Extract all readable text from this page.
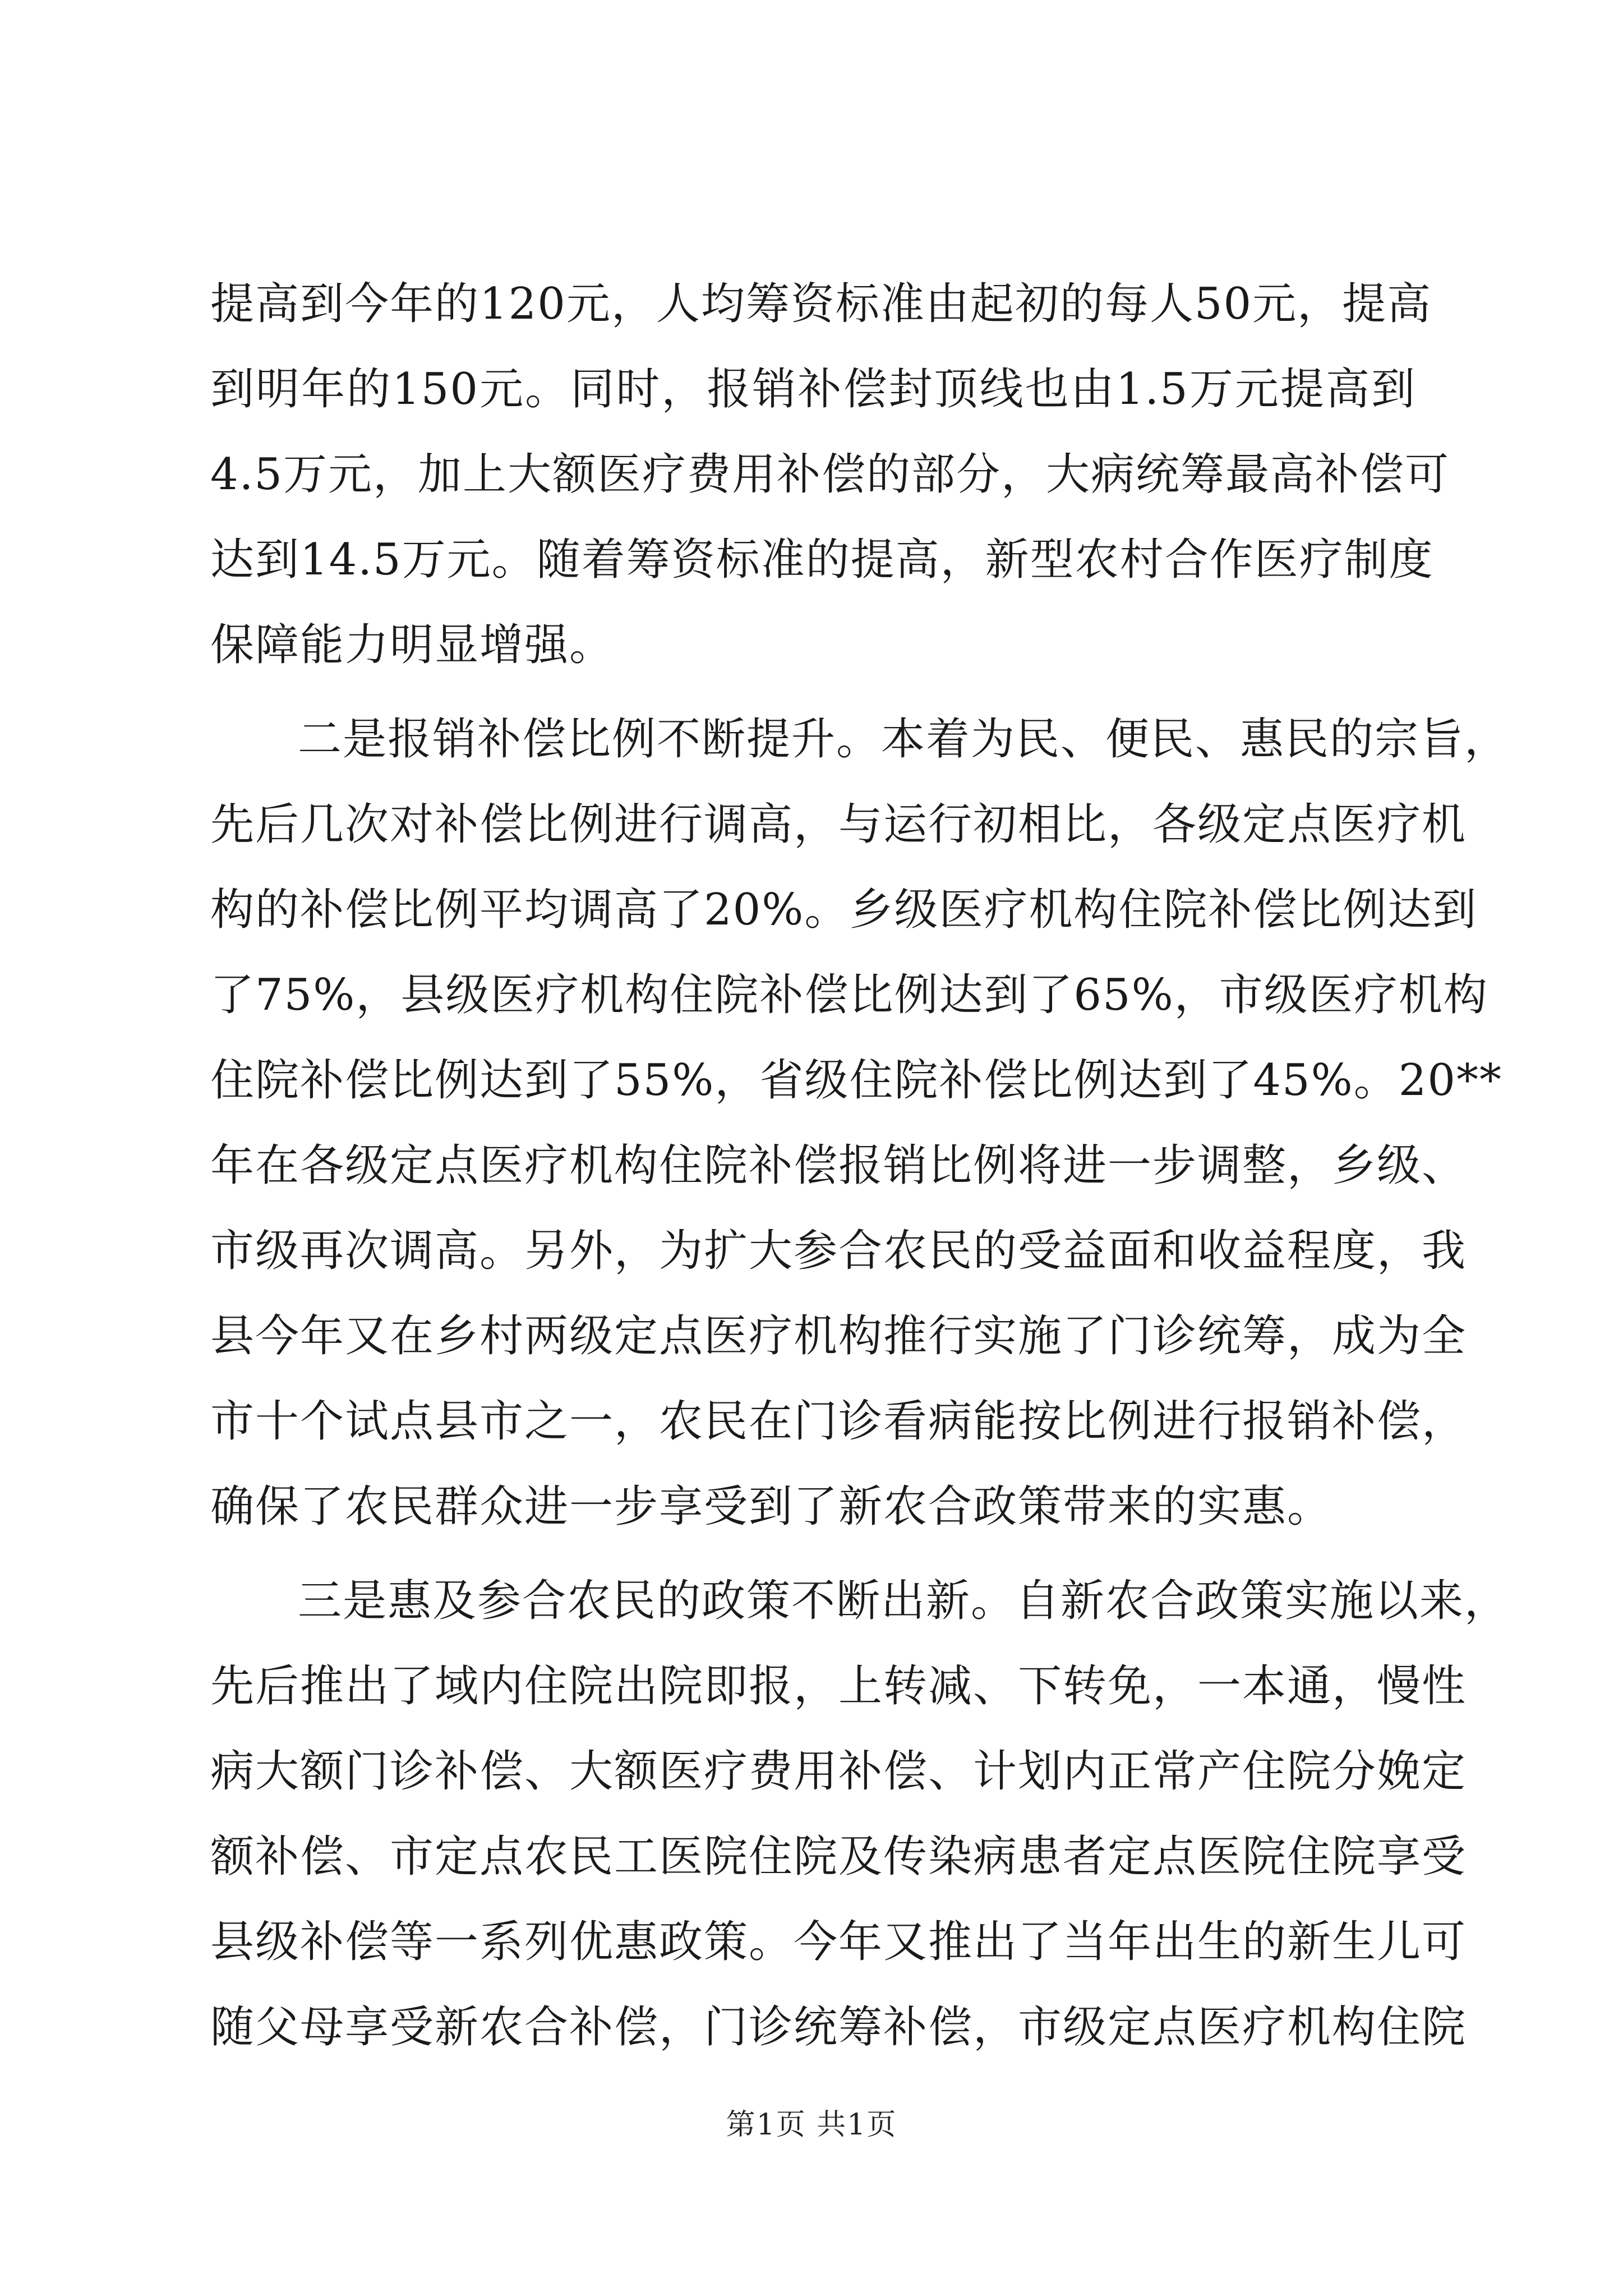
提高到今年的120元，人均筹资标准由起初的每人50元，提高
到明年的150元。同时，报销补偿封顶线也由1.5万元提高到
4.5万元，加上大额医疗费用补偿的部分，大病统筹最高补偿可
达到14.5万元。随着筹资标准的提高，新型农村合作医疗制度
保障能力明显增强。
二是报销补偿比例不断提升。本着为民、便民、惠民的宗旨，
先后几次对补偿比例进行调高，与运行初相比，各级定点医疗机
构的补偿比例平均调高了20%。乡级医疗机构住院补偿比例达到
了75%，县级医疗机构住院补偿比例达到了65%，市级医疗机构
住院补偿比例达到了55%，省级住院补偿比例达到了45%。20**
年在各级定点医疗机构住院补偿报销比例将进一步调整，乡级、
市级再次调高。另外，为扩大参合农民的受益面和收益程度，我
县今年又在乡村两级定点医疗机构推行实施了门诊统筹，成为全
市十个试点县市之一，农民在门诊看病能按比例进行报销补偿，
确保了农民群众进一步享受到了新农合政策带来的实惠。
三是惠及参合农民的政策不断出新。自新农合政策实施以来，
先后推出了域内住院出院即报，上转减、下转免，一本通，慢性
病大额门诊补偿、大额医疗费用补偿、计划内正常产住院分娩定
额补偿、市定点农民工医院住院及传染病患者定点医院住院享受
县级补偿等一系列优惠政策。今年又推出了当年出生的新生儿可
随父母享受新农合补偿，门诊统筹补偿，市级定点医疗机构住院
第1页 共1页
